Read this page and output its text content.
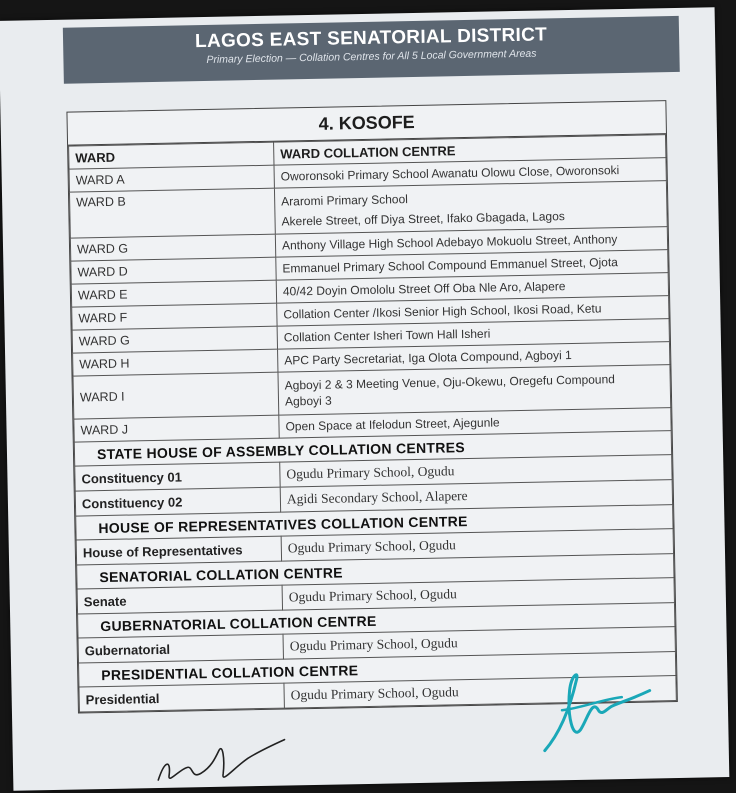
LAGOS EAST SENATORIAL DISTRICT
Primary Election — Collation Centres for All 5 Local Government Areas
4. KOSOFE
WARD	WARD COLLATION CENTRE
WARD A	Oworonsoki Primary School Awanatu Olowu Close, Oworonsoki
WARD B	Araromi Primary School
Akerele Street, off Diya Street, Ifako Gbagada, Lagos

WARD G	Anthony Village High School Adebayo Mokuolu Street, Anthony
WARD D	Emmanuel Primary School Compound Emmanuel Street, Ojota
WARD E	40/42 Doyin Omololu Street Off Oba Nle Aro, Alapere
WARD F	Collation Center /Ikosi Senior High School, Ikosi Road, Ketu
WARD G	Collation Center Isheri Town Hall Isheri
WARD H	APC Party Secretariat, Iga Olota Compound, Agboyi 1
WARD I	Agboyi 2 & 3 Meeting Venue, Oju-Okewu, Oregefu Compound
Agboyi 3

WARD J	Open Space at Ifelodun Street, Ajegunle
STATE HOUSE OF ASSEMBLY COLLATION CENTRES	
Constituency 01	Ogudu Primary School, Ogudu
Constituency 02	Agidi Secondary School, Alapere
HOUSE OF REPRESENTATIVES COLLATION CENTRE	
House of Representatives	Ogudu Primary School, Ogudu
SENATORIAL COLLATION CENTRE	
Senate	Ogudu Primary School, Ogudu
GUBERNATORIAL COLLATION CENTRE	
Gubernatorial	Ogudu Primary School, Ogudu
PRESIDENTIAL COLLATION CENTRE	
Presidential	Ogudu Primary School, Ogudu
